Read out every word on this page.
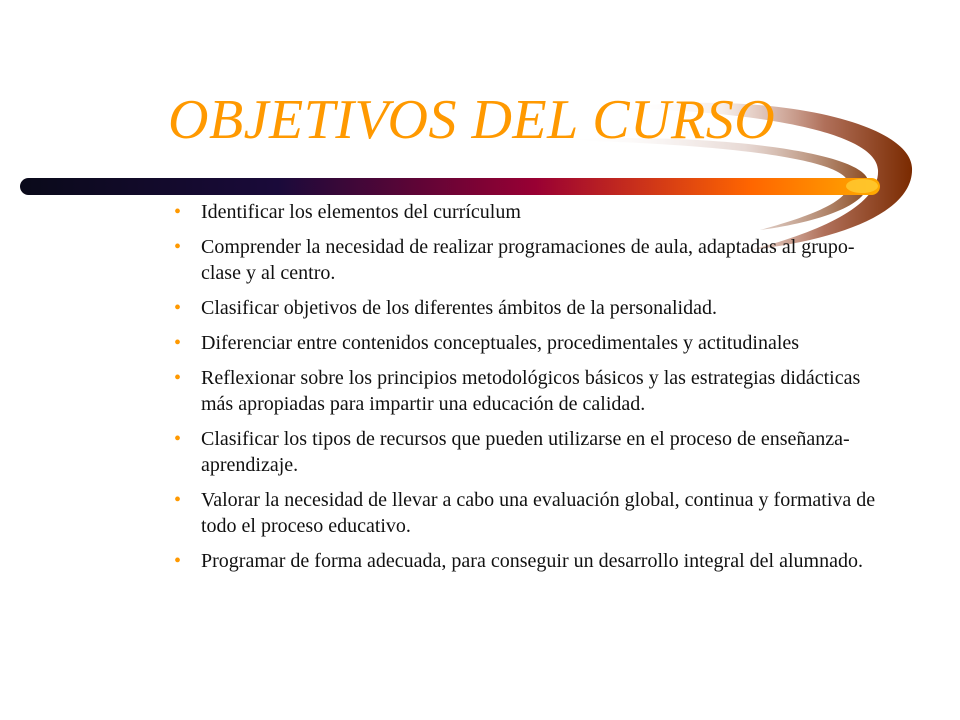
OBJETIVOS DEL CURSO
• Identificar los elementos del currículum
• Comprender la necesidad de realizar programaciones de aula, adaptadas al grupo-clase y al centro.
• Clasificar objetivos de los diferentes ámbitos de la personalidad.
• Diferenciar entre contenidos conceptuales, procedimentales y actitudinales
• Reflexionar sobre los principios metodológicos básicos y las estrategias didácticas más apropiadas para impartir una educación de calidad.
• Clasificar los tipos de recursos que pueden utilizarse en el proceso de enseñanza-aprendizaje.
• Valorar la necesidad de llevar a cabo una evaluación global, continua y formativa de todo el proceso educativo.
• Programar de forma adecuada, para conseguir un desarrollo integral del alumnado.
